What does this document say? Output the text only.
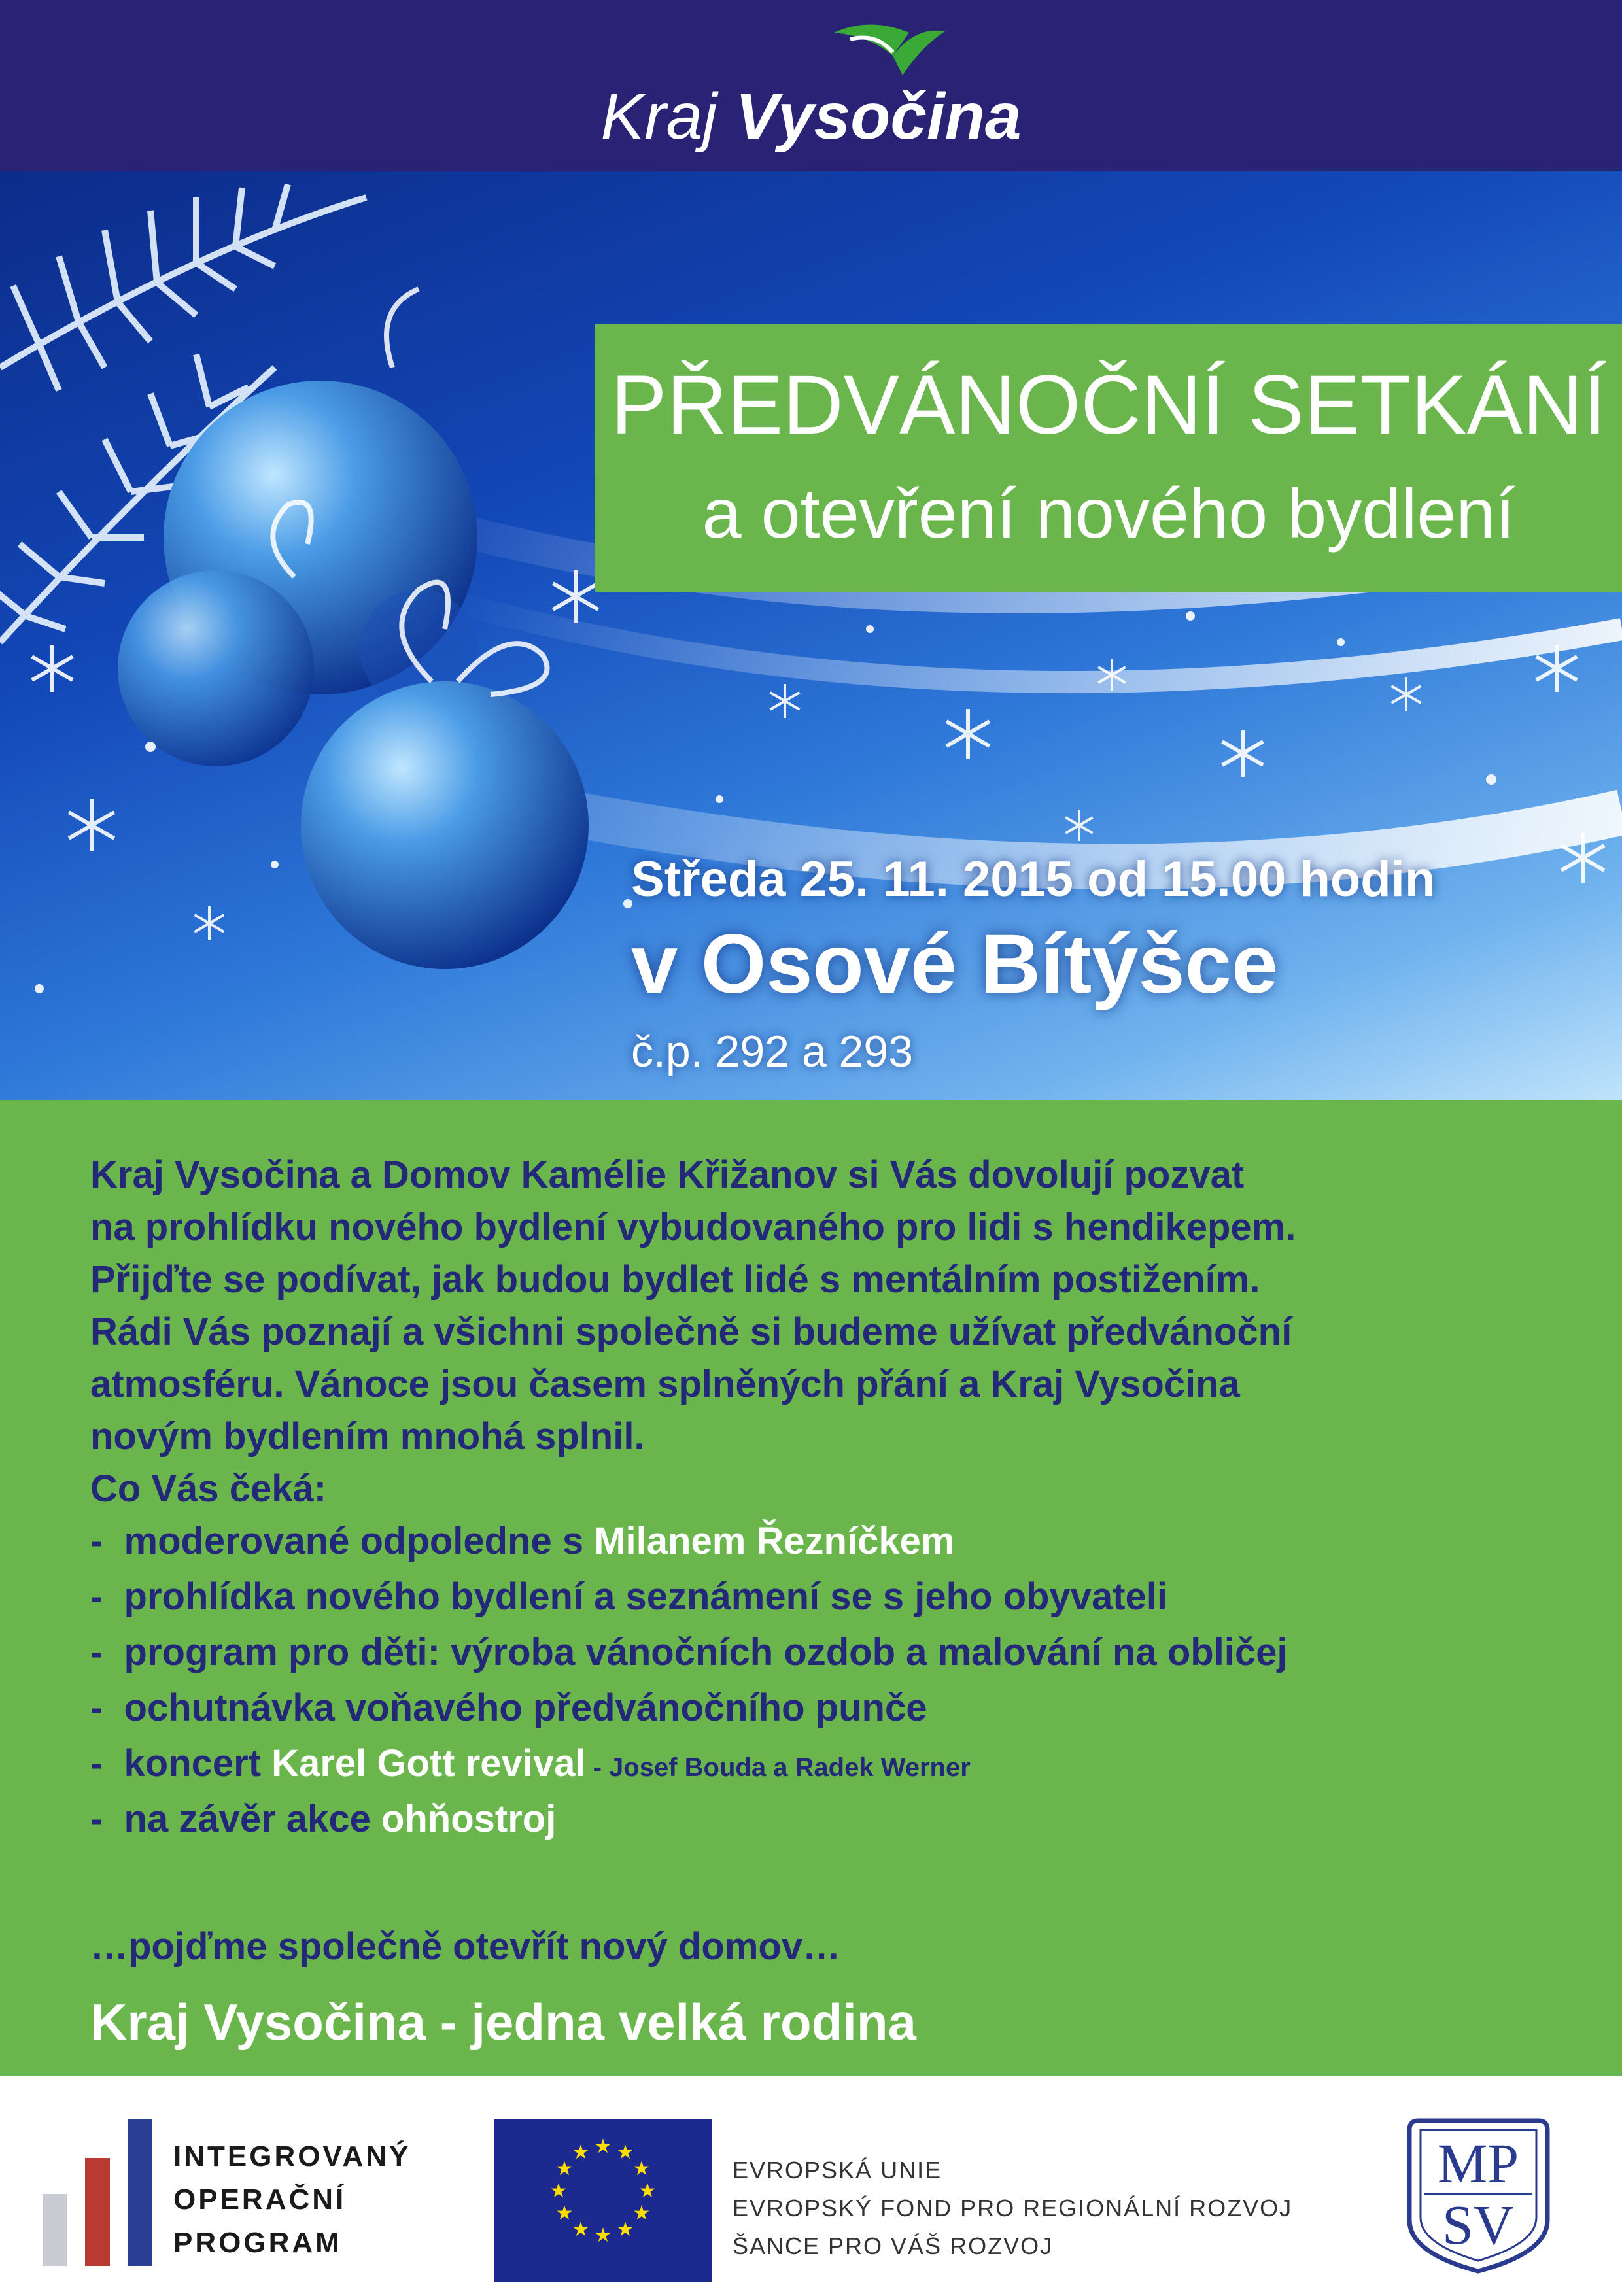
Kraj Vysočina
PŘEDVÁNOČNÍ SETKÁNÍ
a otevření nového bydlení
Středa 25. 11. 2015 od 15.00 hodin
v Osové Bítýšce
č.p. 292 a 293
Kraj Vysočina a Domov Kamélie Křižanov si Vás dovolují pozvat
na prohlídku nového bydlení vybudovaného pro lidi s hendikepem.
Přijďte se podívat, jak budou bydlet lidé s mentálním postižením.
Rádi Vás poznají a všichni společně si budeme užívat předvánoční
atmosféru. Vánoce jsou časem splněných přání a Kraj Vysočina
novým bydlením mnohá splnil.
Co Vás čeká:
-  moderované odpoledne s Milanem Řezníčkem
-  prohlídka nového bydlení a seznámení se s jeho obyvateli
-  program pro děti: výroba vánočních ozdob a malování na obličej
-  ochutnávka voňavého předvánočního punče
-  koncert Karel Gott revival - Josef Bouda a Radek Werner
-  na závěr akce ohňostroj
…pojďme společně otevřít nový domov…
Kraj Vysočina - jedna velká rodina
INTEGROVANÝ
OPERAČNÍ
PROGRAM
★ ★
★
★
★
★
★
★
★
★
★
★
EVROPSKÁ UNIE
EVROPSKÝ FOND PRO REGIONÁLNÍ ROZVOJ
ŠANCE PRO VÁŠ ROZVOJ
MP
SV
